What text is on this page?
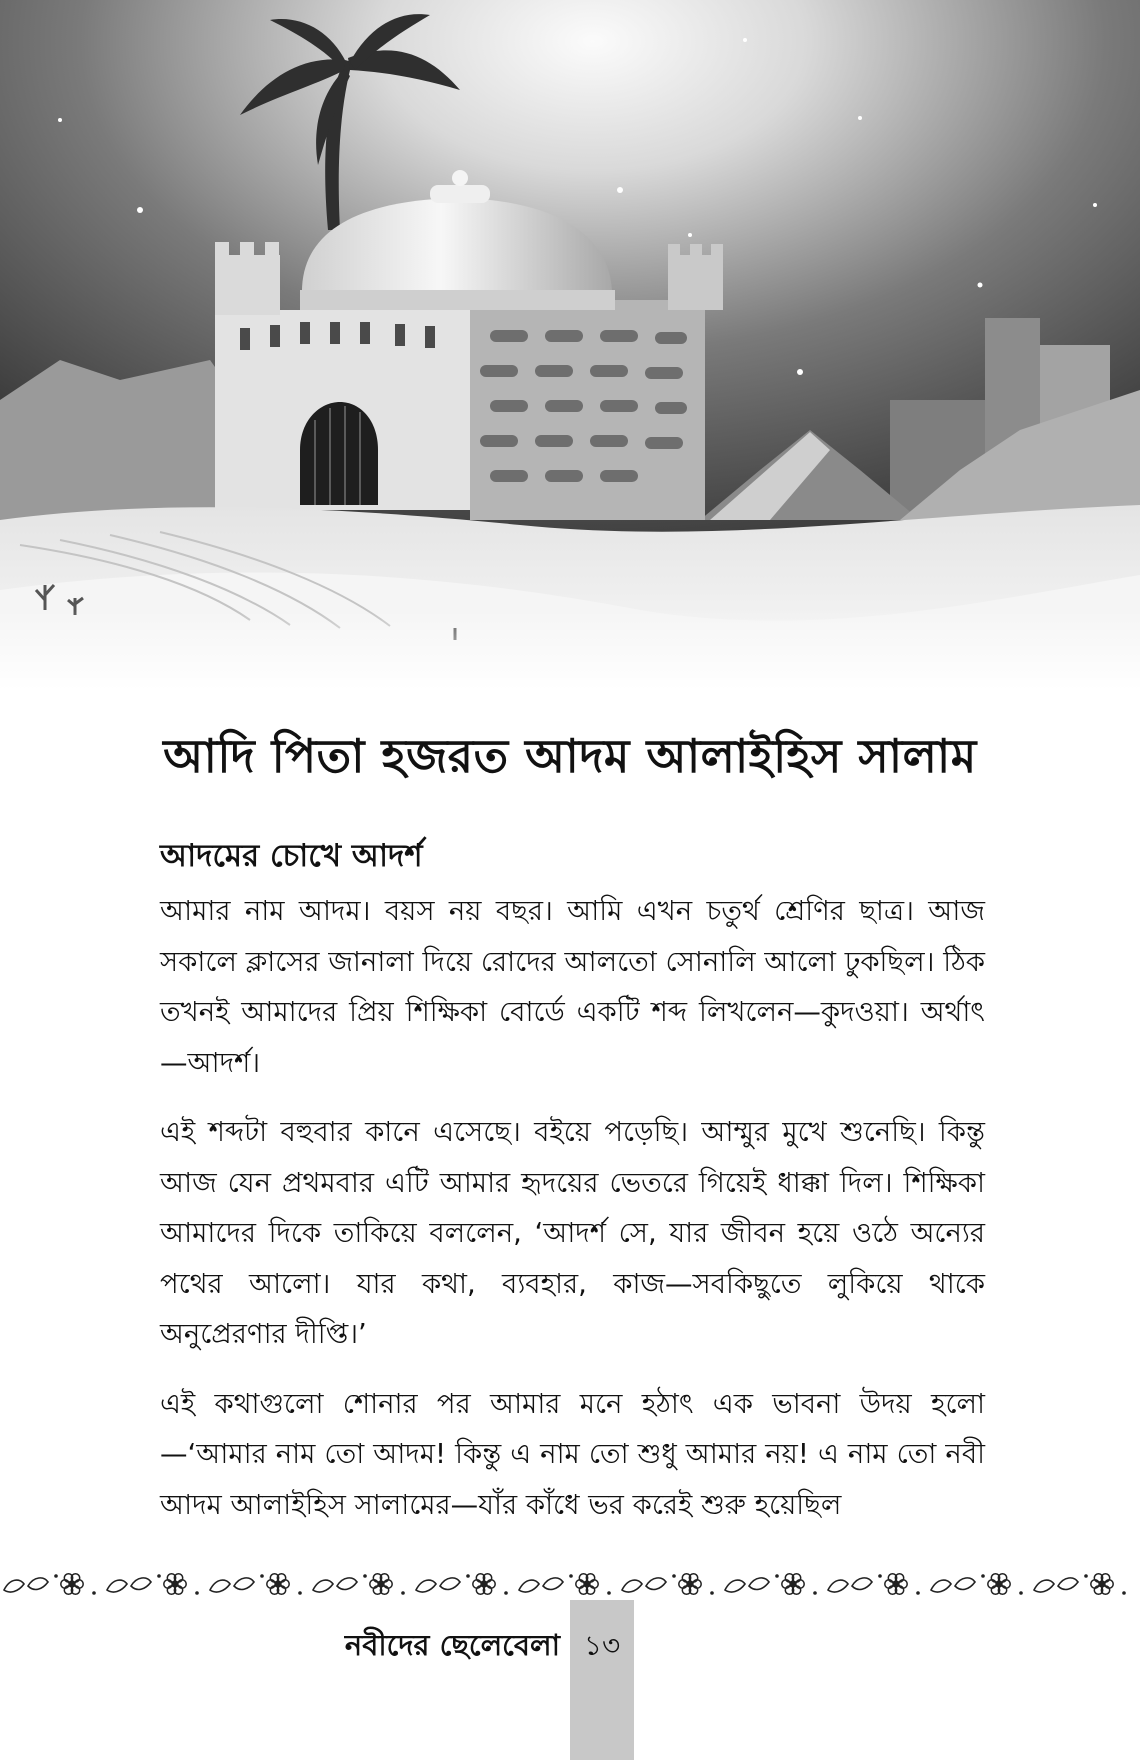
আদি পিতা হজরত আদম আলাইহিস সালাম
আদমের চোখে আদর্শ

আমার নাম আদম। বয়স নয় বছর। আমি এখন চতুর্থ শ্রেণির ছাত্র। আজ সকালে ক্লাসের জানালা দিয়ে রোদের আলতো সোনালি আলো ঢুকছিল। ঠিক তখনই আমাদের প্রিয় শিক্ষিকা বোর্ডে একটি শব্দ লিখলেন—কুদওয়া। অর্থাৎ—আদর্শ।

এই শব্দটা বহুবার কানে এসেছে। বইয়ে পড়েছি। আম্মুর মুখে শুনেছি। কিন্তু আজ যেন প্রথমবার এটি আমার হৃদয়ের ভেতরে গিয়েই ধাক্কা দিল। শিক্ষিকা আমাদের দিকে তাকিয়ে বললেন, ‘আদর্শ সে, যার জীবন হয়ে ওঠে অন্যের পথের আলো। যার কথা, ব্যবহার, কাজ—সবকিছুতে লুকিয়ে থাকে অনুপ্রেরণার দীপ্তি।’

এই কথাগুলো শোনার পর আমার মনে হঠাৎ এক ভাবনা উদয় হলো—‘আমার নাম তো আদম! কিন্তু এ নাম তো শুধু আমার নয়! এ নাম তো নবী আদম আলাইহিস সালামের—যাঁর কাঁধে ভর করেই শুরু হয়েছিল

নবীদের ছেলেবেলা ১৩
